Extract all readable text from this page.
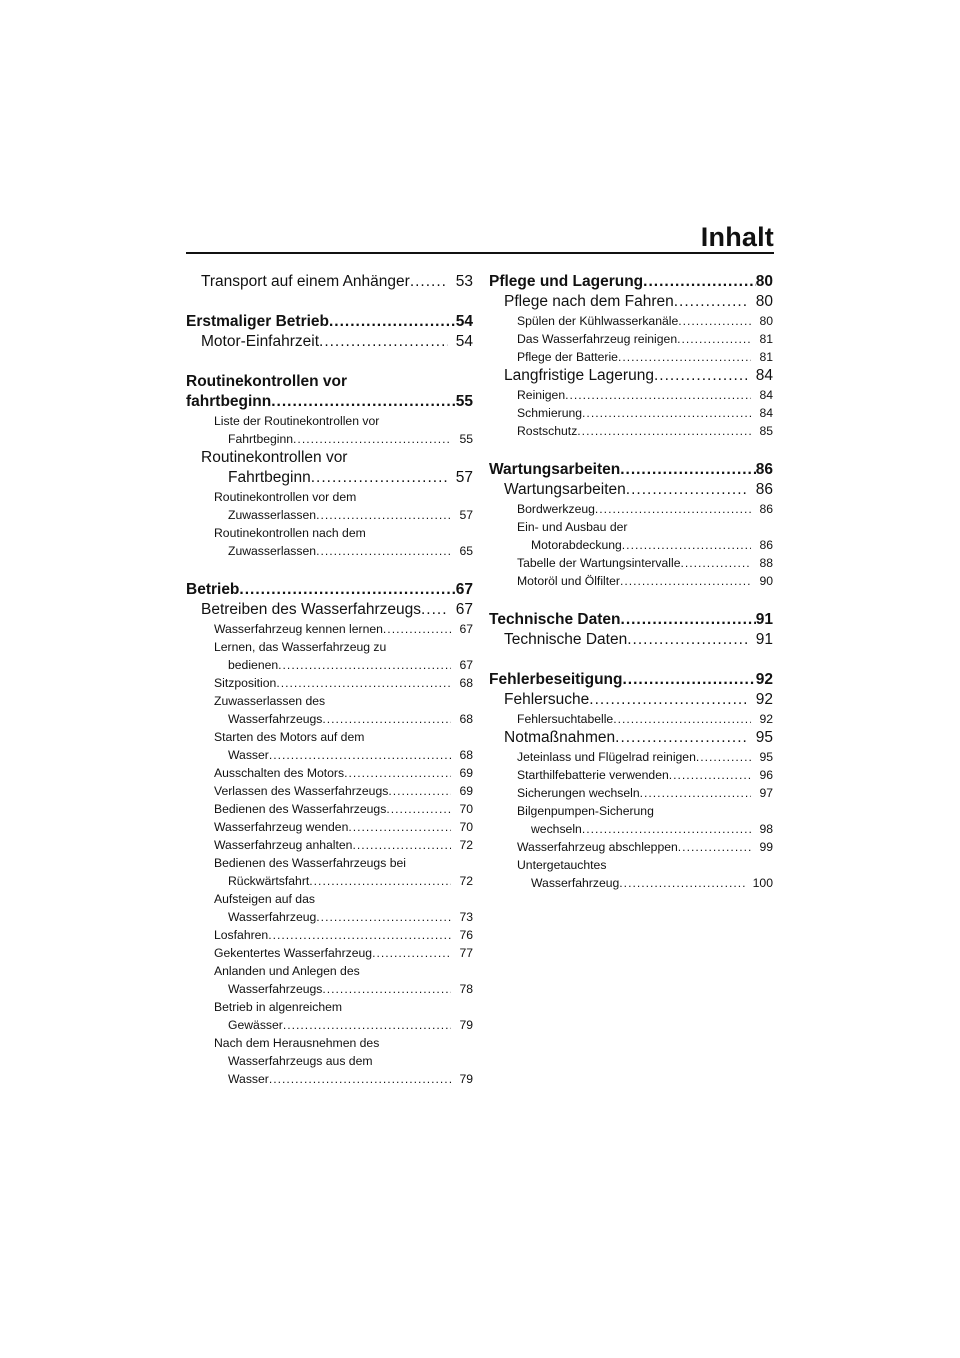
Inhalt
Transport auf einem Anhänger .....	53
Erstmaliger Betrieb .....	54
Motor-Einfahrzeit .....	54
Routinekontrollen vor
fahrtbeginn .....	55
Liste der Routinekontrollen vor
Fahrtbeginn .....	55
Routinekontrollen vor
Fahrtbeginn .....	57
Routinekontrollen vor dem
Zuwasserlassen .....	57
Routinekontrollen nach dem
Zuwasserlassen .....	65
Betrieb .....	67
Betreiben des Wasserfahrzeugs .....	67
Wasserfahrzeug kennen lernen .....	67
Lernen, das Wasserfahrzeug zu
bedienen .....	67
Sitzposition .....	68
Zuwasserlassen des
Wasserfahrzeugs .....	68
Starten des Motors auf dem
Wasser .....	68
Ausschalten des Motors .....	69
Verlassen des Wasserfahrzeugs .....	69
Bedienen des Wasserfahrzeugs .....	70
Wasserfahrzeug wenden .....	70
Wasserfahrzeug anhalten .....	72
Bedienen des Wasserfahrzeugs bei
Rückwärtsfahrt .....	72
Aufsteigen auf das
Wasserfahrzeug .....	73
Losfahren .....	76
Gekentertes Wasserfahrzeug .....	77
Anlanden und Anlegen des
Wasserfahrzeugs .....	78
Betrieb in algenreichem
Gewässer .....	79
Nach dem Herausnehmen des
Wasserfahrzeugs aus dem
Wasser .....	79
Pflege und Lagerung .....	80
Pflege nach dem Fahren .....	80
Spülen der Kühlwasserkanäle .....	80
Das Wasserfahrzeug reinigen .....	81
Pflege der Batterie .....	81
Langfristige Lagerung .....	84
Reinigen .....	84
Schmierung .....	84
Rostschutz .....	85
Wartungsarbeiten .....	86
Wartungsarbeiten .....	86
Bordwerkzeug .....	86
Ein- und Ausbau der
Motorabdeckung .....	86
Tabelle der Wartungsintervalle .....	88
Motoröl und Ölfilter .....	90
Technische Daten .....	91
Technische Daten .....	91
Fehlerbeseitigung .....	92
Fehlersuche .....	92
Fehlersuchtabelle .....	92
Notmaßnahmen .....	95
Jeteinlass und Flügelrad reinigen .....	95
Starthilfebatterie verwenden .....	96
Sicherungen wechseln .....	97
Bilgenpumpen-Sicherung
wechseln .....	98
Wasserfahrzeug abschleppen .....	99
Untergetauchtes
Wasserfahrzeug .....	100
